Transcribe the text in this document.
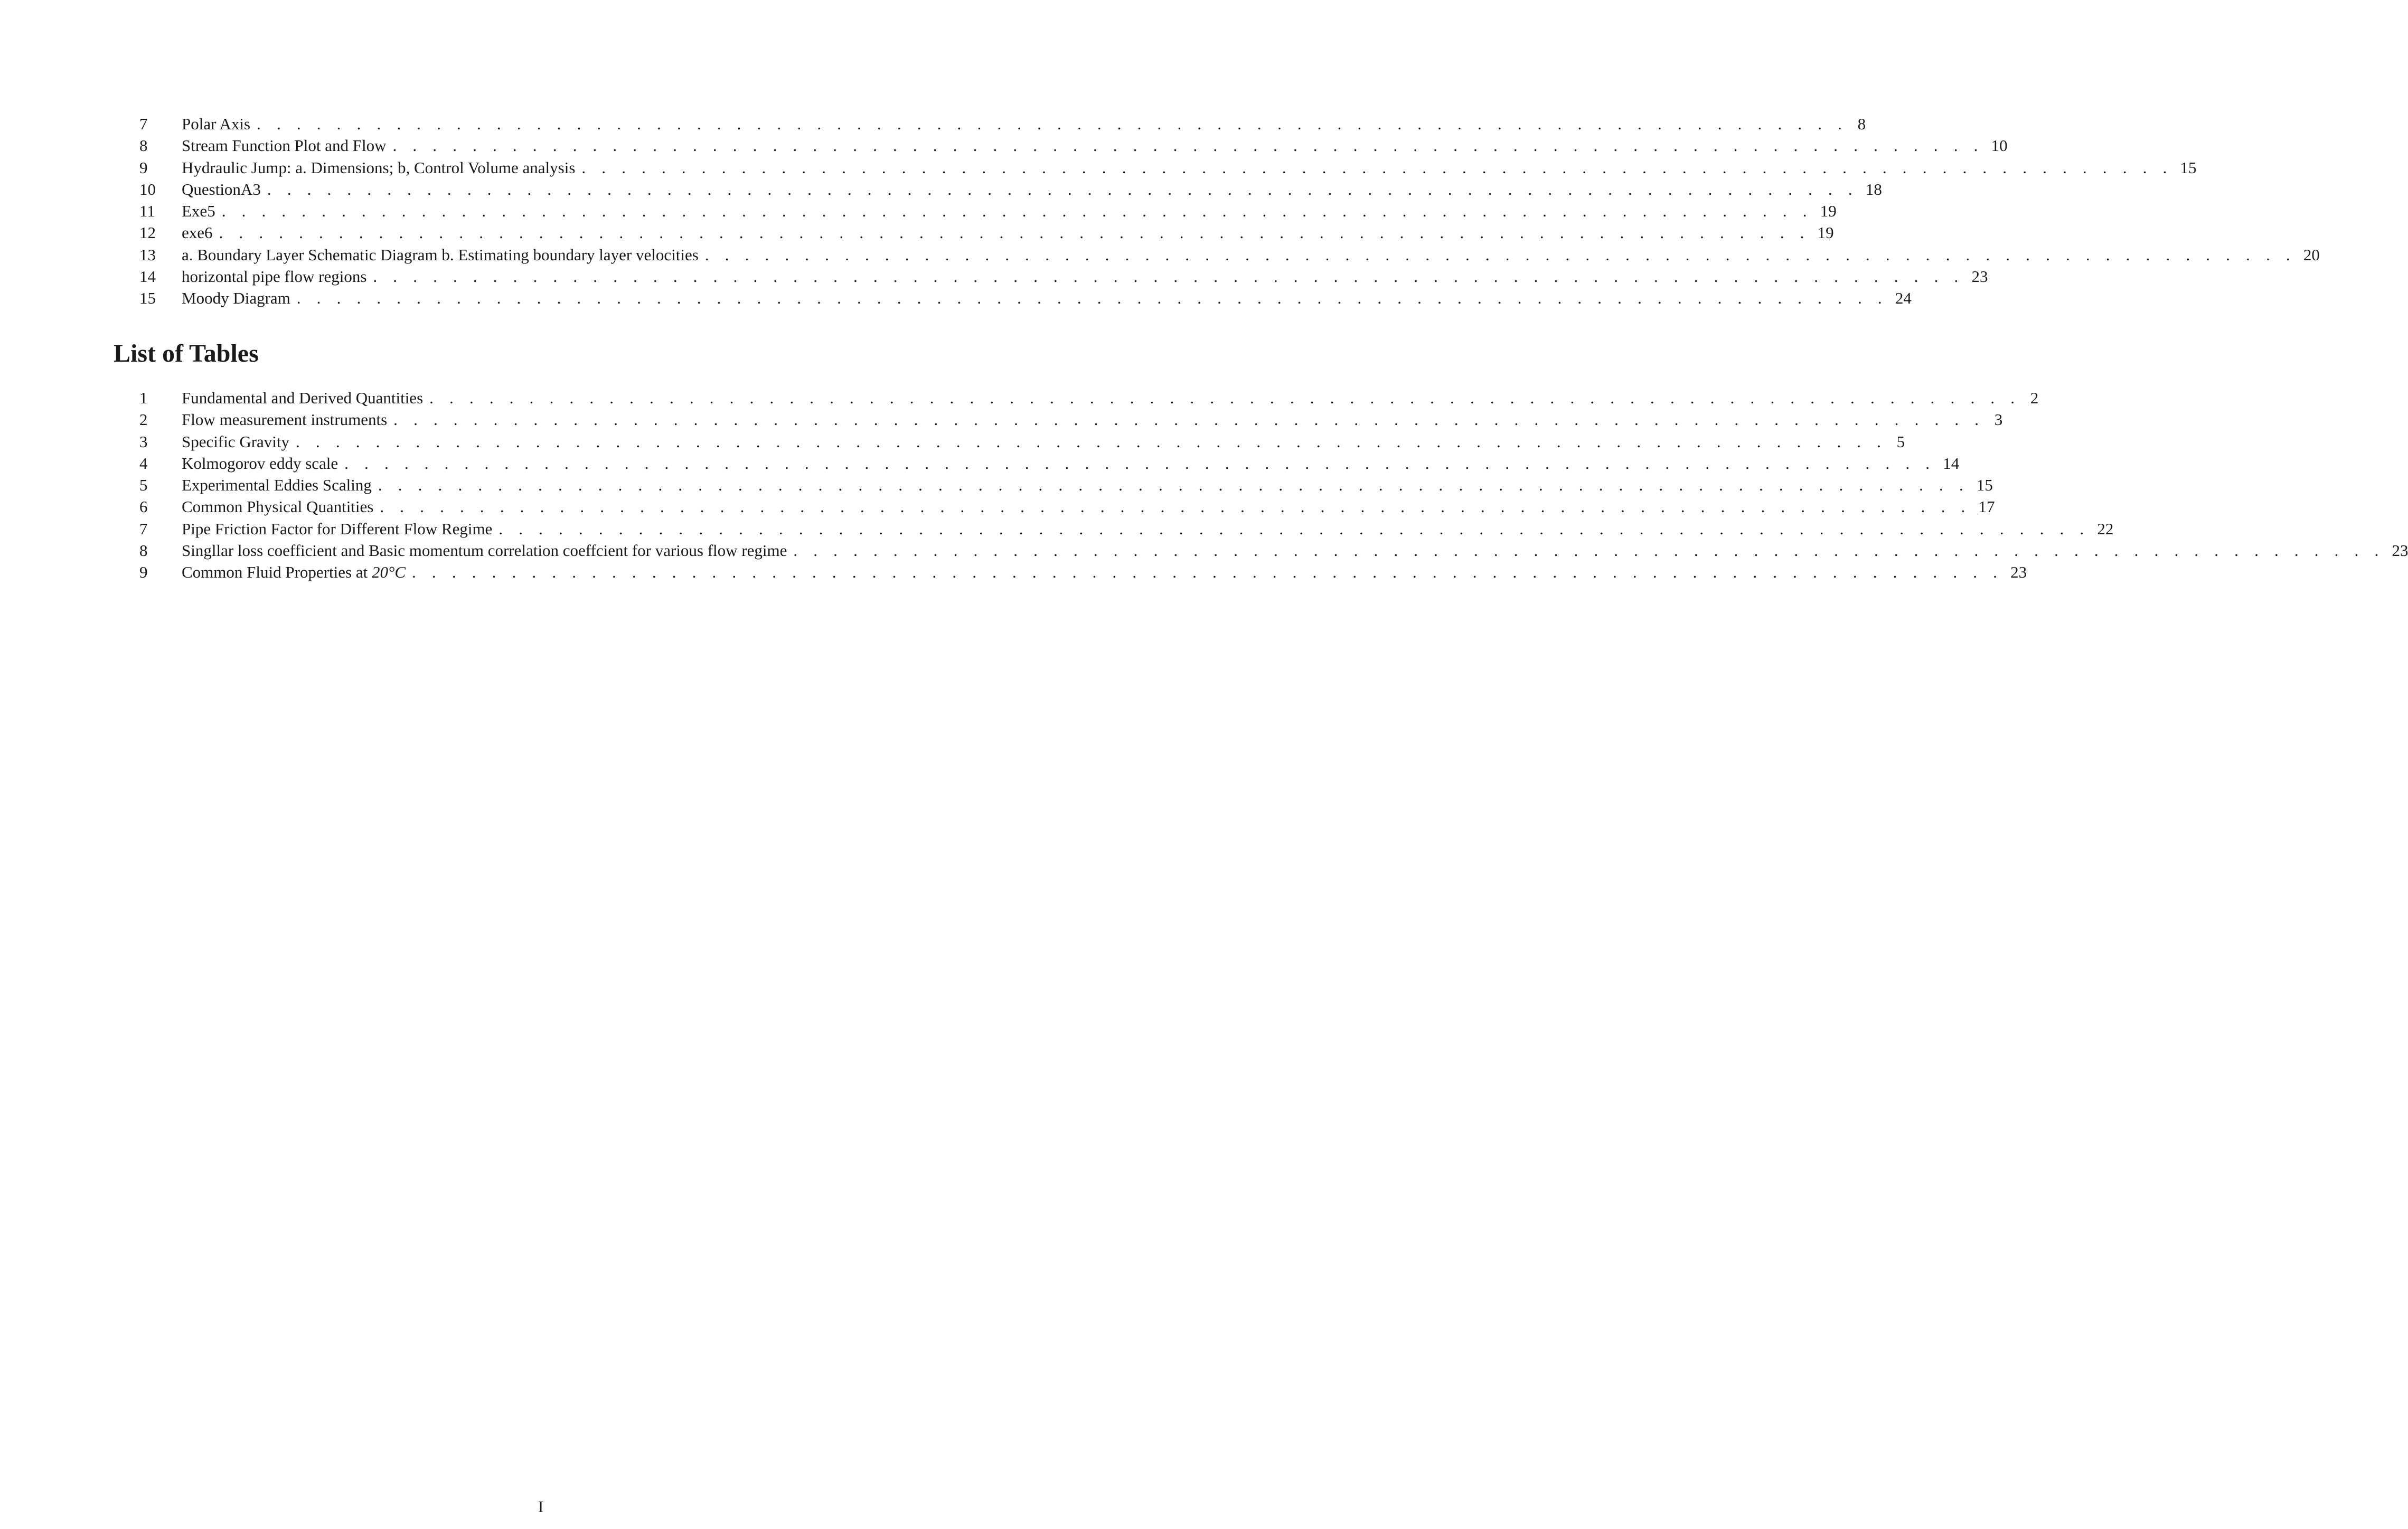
7	Polar Axis . . . . . . . . . . . . . . . . . . . . . . . . . . . . . . . . . . . . . . . . . . . . . . . . . . . . . . . . . . . . . . . . . . . . . . . . . . . . . . . . 8
8	Stream Function Plot and Flow . . . . . . . . . . . . . . . . . . . . . . . . . . . . . . . . . . . . . . . . . . . . . . . . . . . . . . . . . . . . . . . . . . . . . . . . . . . . . . . . 10
9	Hydraulic Jump: a. Dimensions; b, Control Volume analysis . . . . . . . . . . . . . . . . . . . . . . . . . . . . . . . . . . . . . . . . . . . . . . . . . . . . . . . . . . . . . . . . . . . . . . . . . . . . . . . . 15
10	QuestionA3 . . . . . . . . . . . . . . . . . . . . . . . . . . . . . . . . . . . . . . . . . . . . . . . . . . . . . . . . . . . . . . . . . . . . . . . . . . . . . . . . 18
11	Exe5 . . . . . . . . . . . . . . . . . . . . . . . . . . . . . . . . . . . . . . . . . . . . . . . . . . . . . . . . . . . . . . . . . . . . . . . . . . . . . . . . 19
12	exe6 . . . . . . . . . . . . . . . . . . . . . . . . . . . . . . . . . . . . . . . . . . . . . . . . . . . . . . . . . . . . . . . . . . . . . . . . . . . . . . . . 19
13	a. Boundary Layer Schematic Diagram b. Estimating boundary layer velocities . . . . . . . . . . . . . . . . . . . . . . . . . . . . . . . . . . . . . . . . . . . . . . . . . . . . . . . . . . . . . . . . . . . . . . . . . . . . . . . . 20
14	horizontal pipe flow regions . . . . . . . . . . . . . . . . . . . . . . . . . . . . . . . . . . . . . . . . . . . . . . . . . . . . . . . . . . . . . . . . . . . . . . . . . . . . . . . . 23
15	Moody Diagram . . . . . . . . . . . . . . . . . . . . . . . . . . . . . . . . . . . . . . . . . . . . . . . . . . . . . . . . . . . . . . . . . . . . . . . . . . . . . . . . 24
List of Tables
1	Fundamental and Derived Quantities . . . . . . . . . . . . . . . . . . . . . . . . . . . . . . . . . . . . . . . . . . . . . . . . . . . . . . . . . . . . . . . . . . . . . . . . . . . . . . . . 2
2	Flow measurement instruments . . . . . . . . . . . . . . . . . . . . . . . . . . . . . . . . . . . . . . . . . . . . . . . . . . . . . . . . . . . . . . . . . . . . . . . . . . . . . . . . 3
3	Specific Gravity . . . . . . . . . . . . . . . . . . . . . . . . . . . . . . . . . . . . . . . . . . . . . . . . . . . . . . . . . . . . . . . . . . . . . . . . . . . . . . . . 5
4	Kolmogorov eddy scale . . . . . . . . . . . . . . . . . . . . . . . . . . . . . . . . . . . . . . . . . . . . . . . . . . . . . . . . . . . . . . . . . . . . . . . . . . . . . . . . 14
5	Experimental Eddies Scaling . . . . . . . . . . . . . . . . . . . . . . . . . . . . . . . . . . . . . . . . . . . . . . . . . . . . . . . . . . . . . . . . . . . . . . . . . . . . . . . . 15
6	Common Physical Quantities . . . . . . . . . . . . . . . . . . . . . . . . . . . . . . . . . . . . . . . . . . . . . . . . . . . . . . . . . . . . . . . . . . . . . . . . . . . . . . . . 17
7	Pipe Friction Factor for Different Flow Regime . . . . . . . . . . . . . . . . . . . . . . . . . . . . . . . . . . . . . . . . . . . . . . . . . . . . . . . . . . . . . . . . . . . . . . . . . . . . . . . . 22
8	Singllar loss coefficient and Basic momentum correlation coeffcient for various flow regime . . . . . . . . . . . . . . . . . . . . . . . . . . . . . . . . . . . . . . . . . . . . . . . . . . . . . . . . . . . . . . . . . . . . . . . . . . . . . . . . 23
9	Common Fluid Properties at 20°C . . . . . . . . . . . . . . . . . . . . . . . . . . . . . . . . . . . . . . . . . . . . . . . . . . . . . . . . . . . . . . . . . . . . . . . . . . . . . . . . 23
I
